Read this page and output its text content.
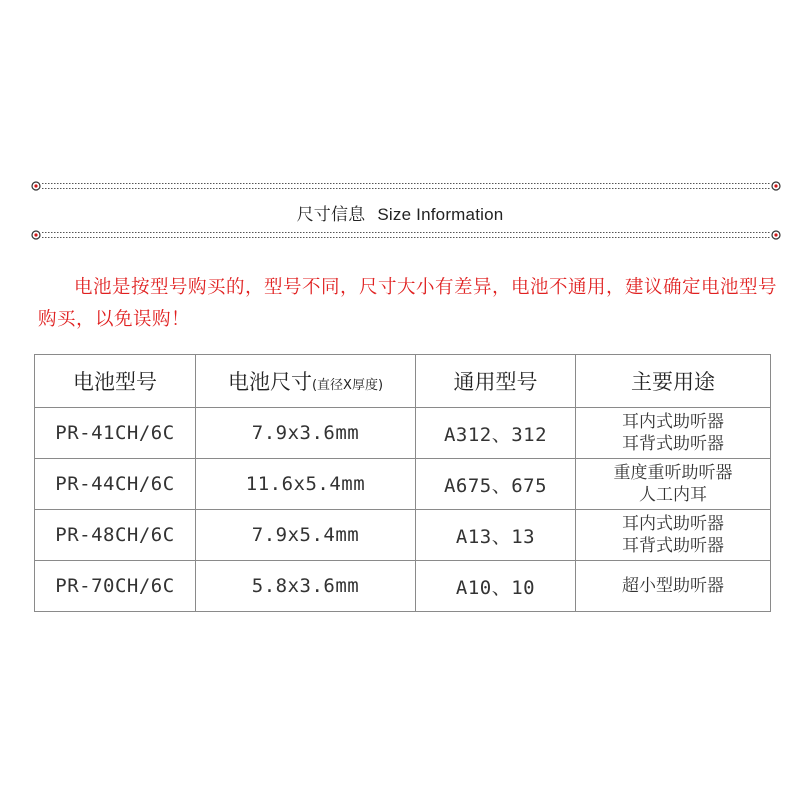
尺寸信息 Size Information
电池是按型号购买的，型号不同，尺寸大小有差异，电池不通用，建议确定电池型号购买，以免误购！
电池型号	电池尺寸(直径X厚度)	通用型号	主要用途
PR-41CH/6C	7.9x3.6mm	A312、312	耳内式助听器
耳背式助听器

PR-44CH/6C	11.6x5.4mm	A675、675	重度重听助听器
人工内耳

PR-48CH/6C	7.9x5.4mm	A13、13	耳内式助听器
耳背式助听器

PR-70CH/6C	5.8x3.6mm	A10、10	超小型助听器
